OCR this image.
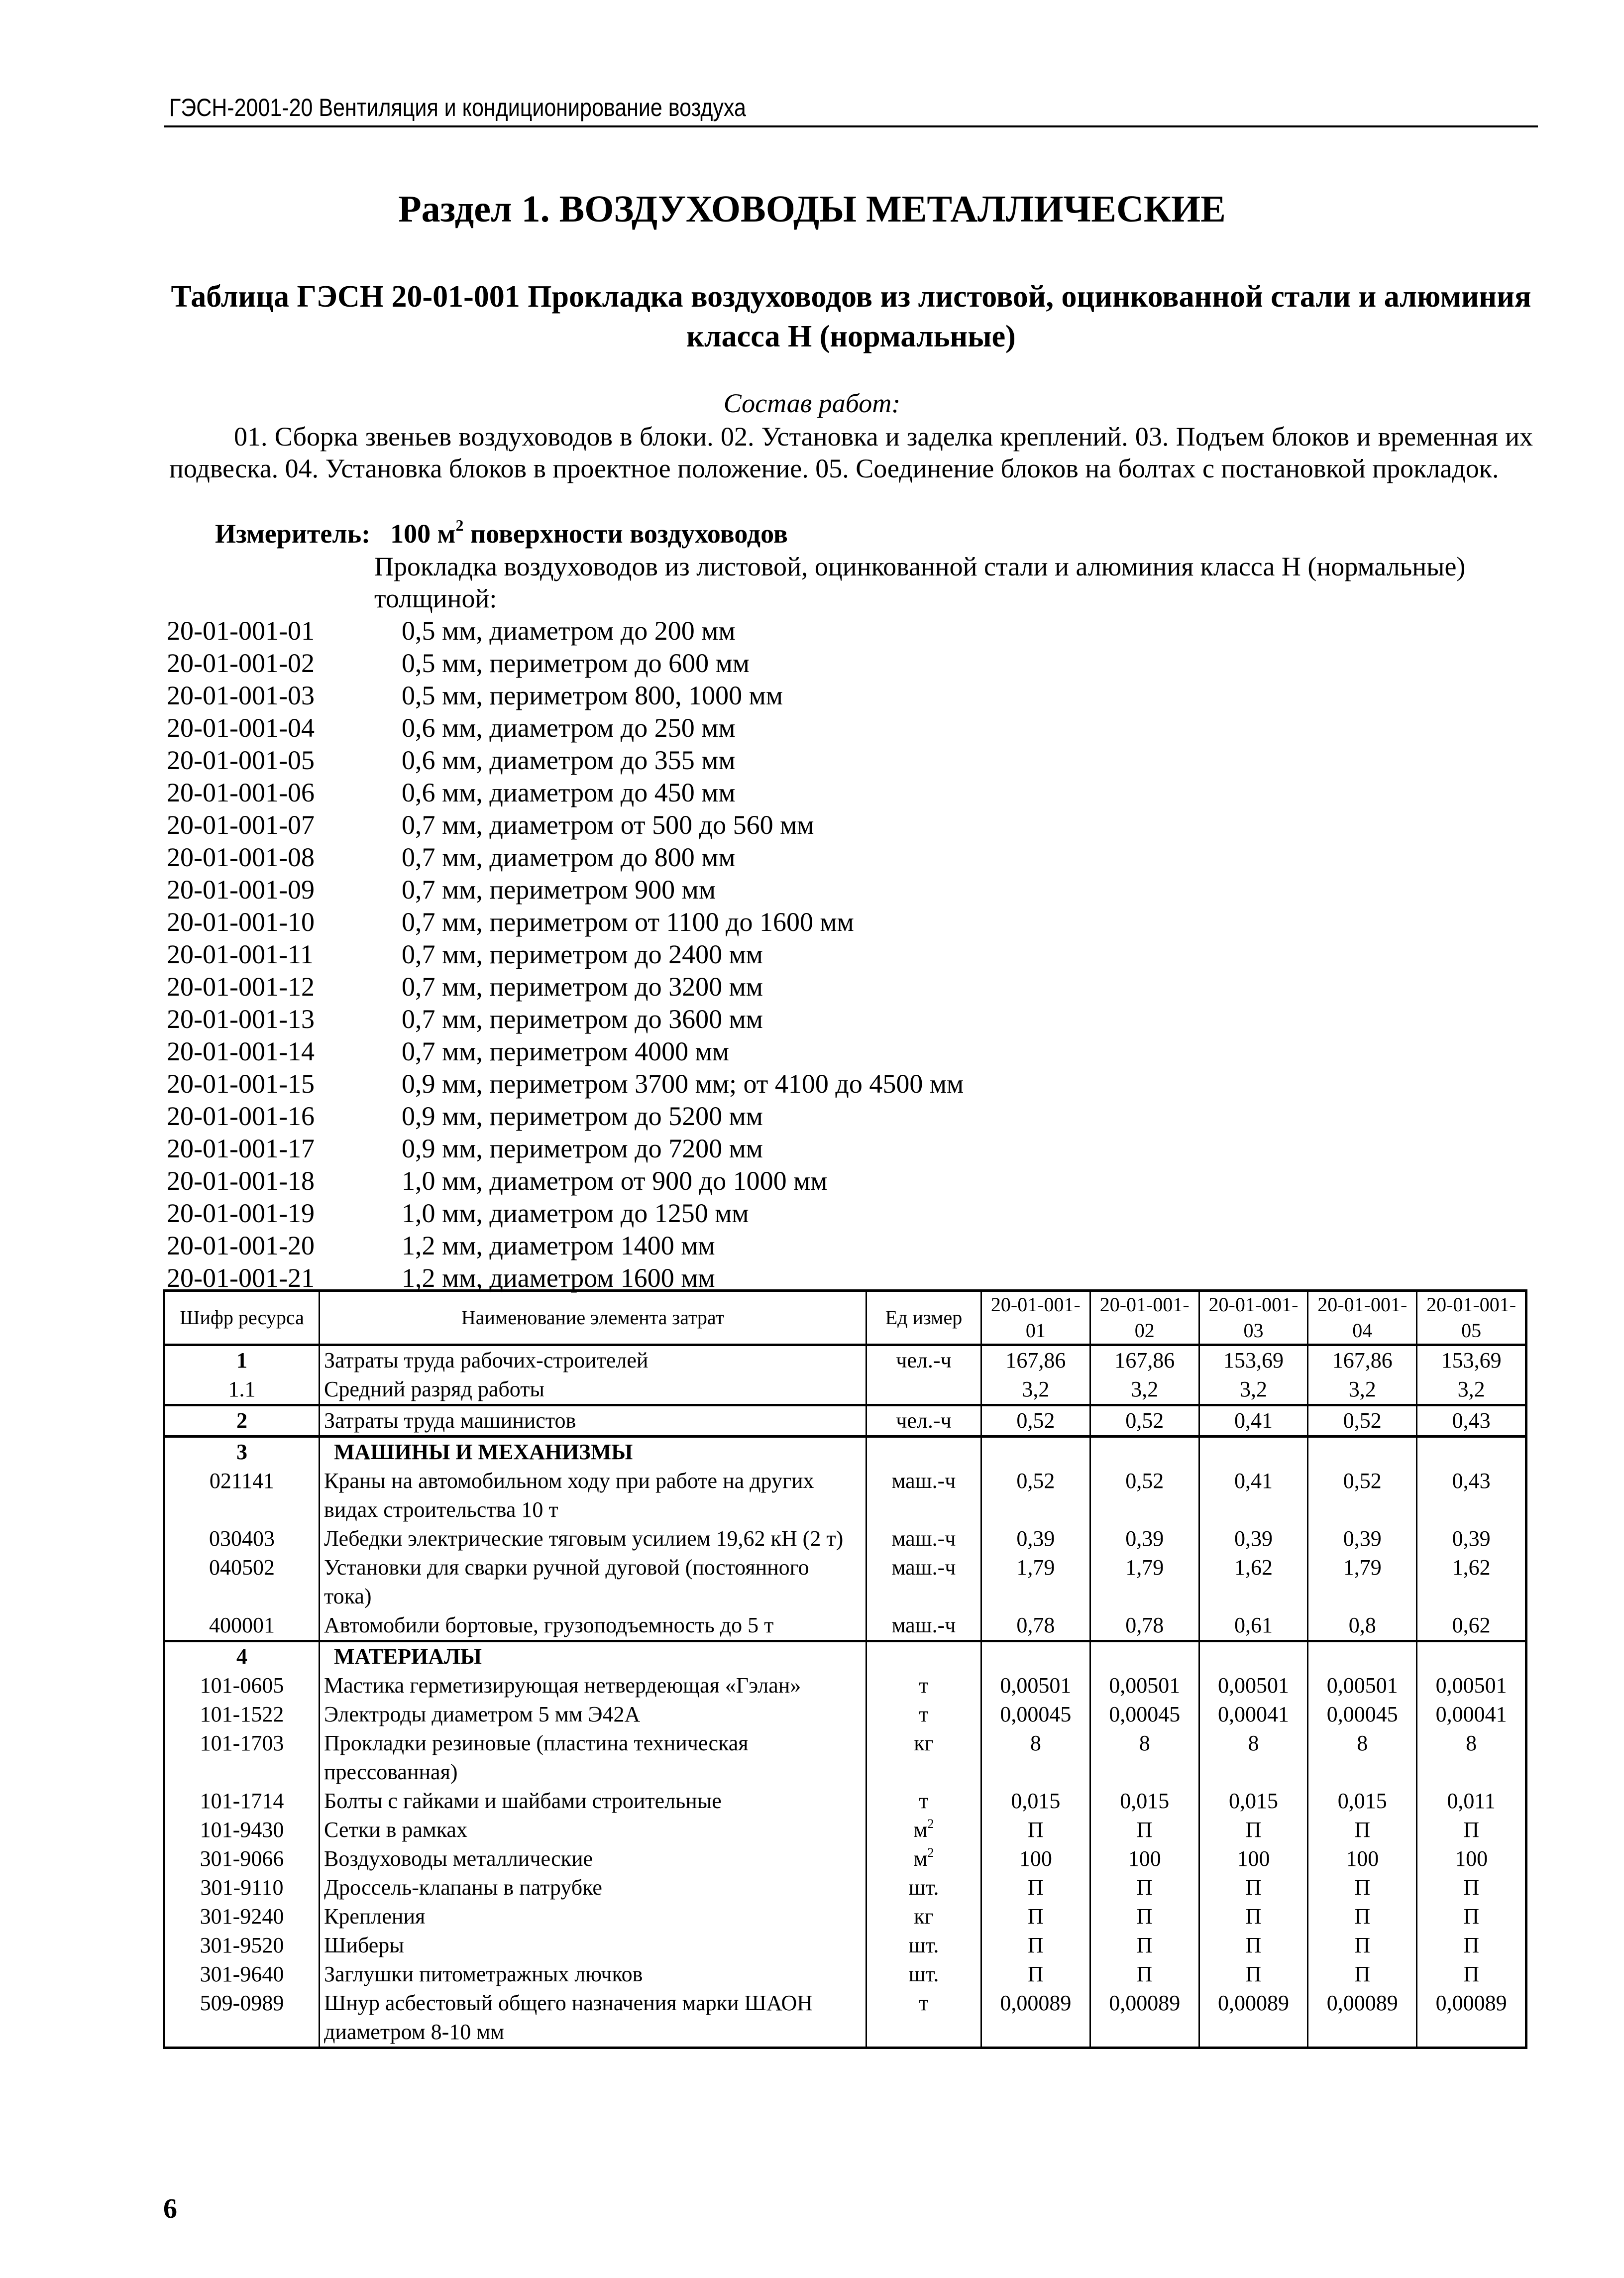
ГЭСН-2001-20 Вентиляция и кондиционирование воздуха
Раздел 1. ВОЗДУХОВОДЫ МЕТАЛЛИЧЕСКИЕ
Таблица ГЭСН 20-01-001 Прокладка воздуховодов из листовой, оцинкованной стали и алюминия класса Н (нормальные)
Состав работ:
01. Сборка звеньев воздуховодов в блоки. 02. Установка и заделка креплений. 03. Подъем блоков и временная их подвеска. 04. Установка блоков в проектное положение. 05. Соединение блоков на болтах с постановкой прокладок.
Измеритель: 100 $м^2$ поверхности воздуховодов
Прокладка воздуховодов из листовой, оцинкованной стали и алюминия класса Н (нормальные) толщиной:
20-01-001-01	0,5 мм, диаметром до 200 мм
20-01-001-02	0,5 мм, периметром до 600 мм
20-01-001-03	0,5 мм, периметром 800, 1000 мм
20-01-001-04	0,6 мм, диаметром до 250 мм
20-01-001-05	0,6 мм, диаметром до 355 мм
20-01-001-06	0,6 мм, диаметром до 450 мм
20-01-001-07	0,7 мм, диаметром от 500 до 560 мм
20-01-001-08	0,7 мм, диаметром до 800 мм
20-01-001-09	0,7 мм, периметром 900 мм
20-01-001-10	0,7 мм, периметром от 1100 до 1600 мм
20-01-001-11	0,7 мм, периметром до 2400 мм
20-01-001-12	0,7 мм, периметром до 3200 мм
20-01-001-13	0,7 мм, периметром до 3600 мм
20-01-001-14	0,7 мм, периметром 4000 мм
20-01-001-15	0,9 мм, периметром 3700 мм; от 4100 до 4500 мм
20-01-001-16	0,9 мм, периметром до 5200 мм
20-01-001-17	0,9 мм, периметром до 7200 мм
20-01-001-18	1,0 мм, диаметром от 900 до 1000 мм
20-01-001-19	1,0 мм, диаметром до 1250 мм
20-01-001-20	1,2 мм, диаметром 1400 мм
20-01-001-21	1,2 мм, диаметром 1600 мм
Шифр ресурса	Наименование элемента затрат	Ед измер	20-01-001-01	20-01-001-02	20-01-001-03	20-01-001-04	20-01-001-05
1	Затраты труда рабочих-строителей	чел.-ч	167,86	167,86	153,69	167,86	153,69
1.1	Средний разряд работы		3,2	3,2	3,2	3,2	3,2
2	Затраты труда машинистов	чел.-ч	0,52	0,52	0,41	0,52	0,43
3	МАШИНЫ И МЕХАНИЗМЫ						
021141	Краны на автомобильном ходу при работе на других видах строительства 10 т	маш.-ч	0,52	0,52	0,41	0,52	0,43
030403	Лебедки электрические тяговым усилием 19,62 кН (2 т)	маш.-ч	0,39	0,39	0,39	0,39	0,39
040502	Установки для сварки ручной дуговой (постоянного тока)	маш.-ч	1,79	1,79	1,62	1,79	1,62
400001	Автомобили бортовые, грузоподъемность до 5 т	маш.-ч	0,78	0,78	0,61	0,8	0,62
4	МАТЕРИАЛЫ						
101-0605	Мастика герметизирующая нетвердеющая «Гэлан»	т	0,00501	0,00501	0,00501	0,00501	0,00501
101-1522	Электроды диаметром 5 мм Э42А	т	0,00045	0,00045	0,00041	0,00045	0,00041
101-1703	Прокладки резиновые (пластина техническая прессованная)	кг	8	8	8	8	8
101-1714	Болты с гайками и шайбами строительные	т	0,015	0,015	0,015	0,015	0,011
101-9430	Сетки в рамках	$м^2$	П	П	П	П	П
301-9066	Воздуховоды металлические	$м^2$	100	100	100	100	100
301-9110	Дроссель-клапаны в патрубке	шт.	П	П	П	П	П
301-9240	Крепления	кг	П	П	П	П	П
301-9520	Шиберы	шт.	П	П	П	П	П
301-9640	Заглушки питометражных лючков	шт.	П	П	П	П	П
509-0989	Шнур асбестовый общего назначения марки ШАОН диаметром 8-10 мм	т	0,00089	0,00089	0,00089	0,00089	0,00089
6
